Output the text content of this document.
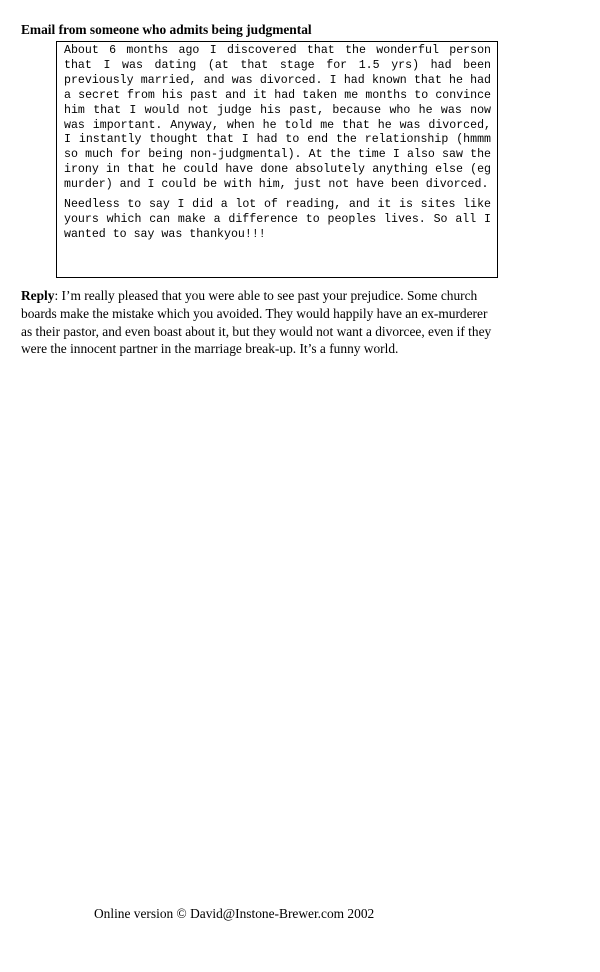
Email from someone who admits being judgmental

About 6 months ago I discovered that the wonderful person that I was dating (at that stage for 1.5 yrs) had been previously married, and was divorced. I had known that he had a secret from his past and it had taken me months to convince him that I would not judge his past, because who he was now was important. Anyway, when he told me that he was divorced, I instantly thought that I had to end the relationship (hmmm so much for being non-judgmental). At the time I also saw the irony in that he could have done absolutely anything else (eg murder) and I could be with him, just not have been divorced.

Needless to say I did a lot of reading, and it is sites like yours which can make a difference to peoples lives. So all I wanted to say was thankyou!!!

Reply: I’m really pleased that you were able to see past your prejudice. Some church boards make the mistake which you avoided. They would happily have an ex-murderer as their pastor, and even boast about it, but they would not want a divorcee, even if they were the innocent partner in the marriage break-up. It’s a funny world.

Online version © David@Instone-Brewer.com 2002
